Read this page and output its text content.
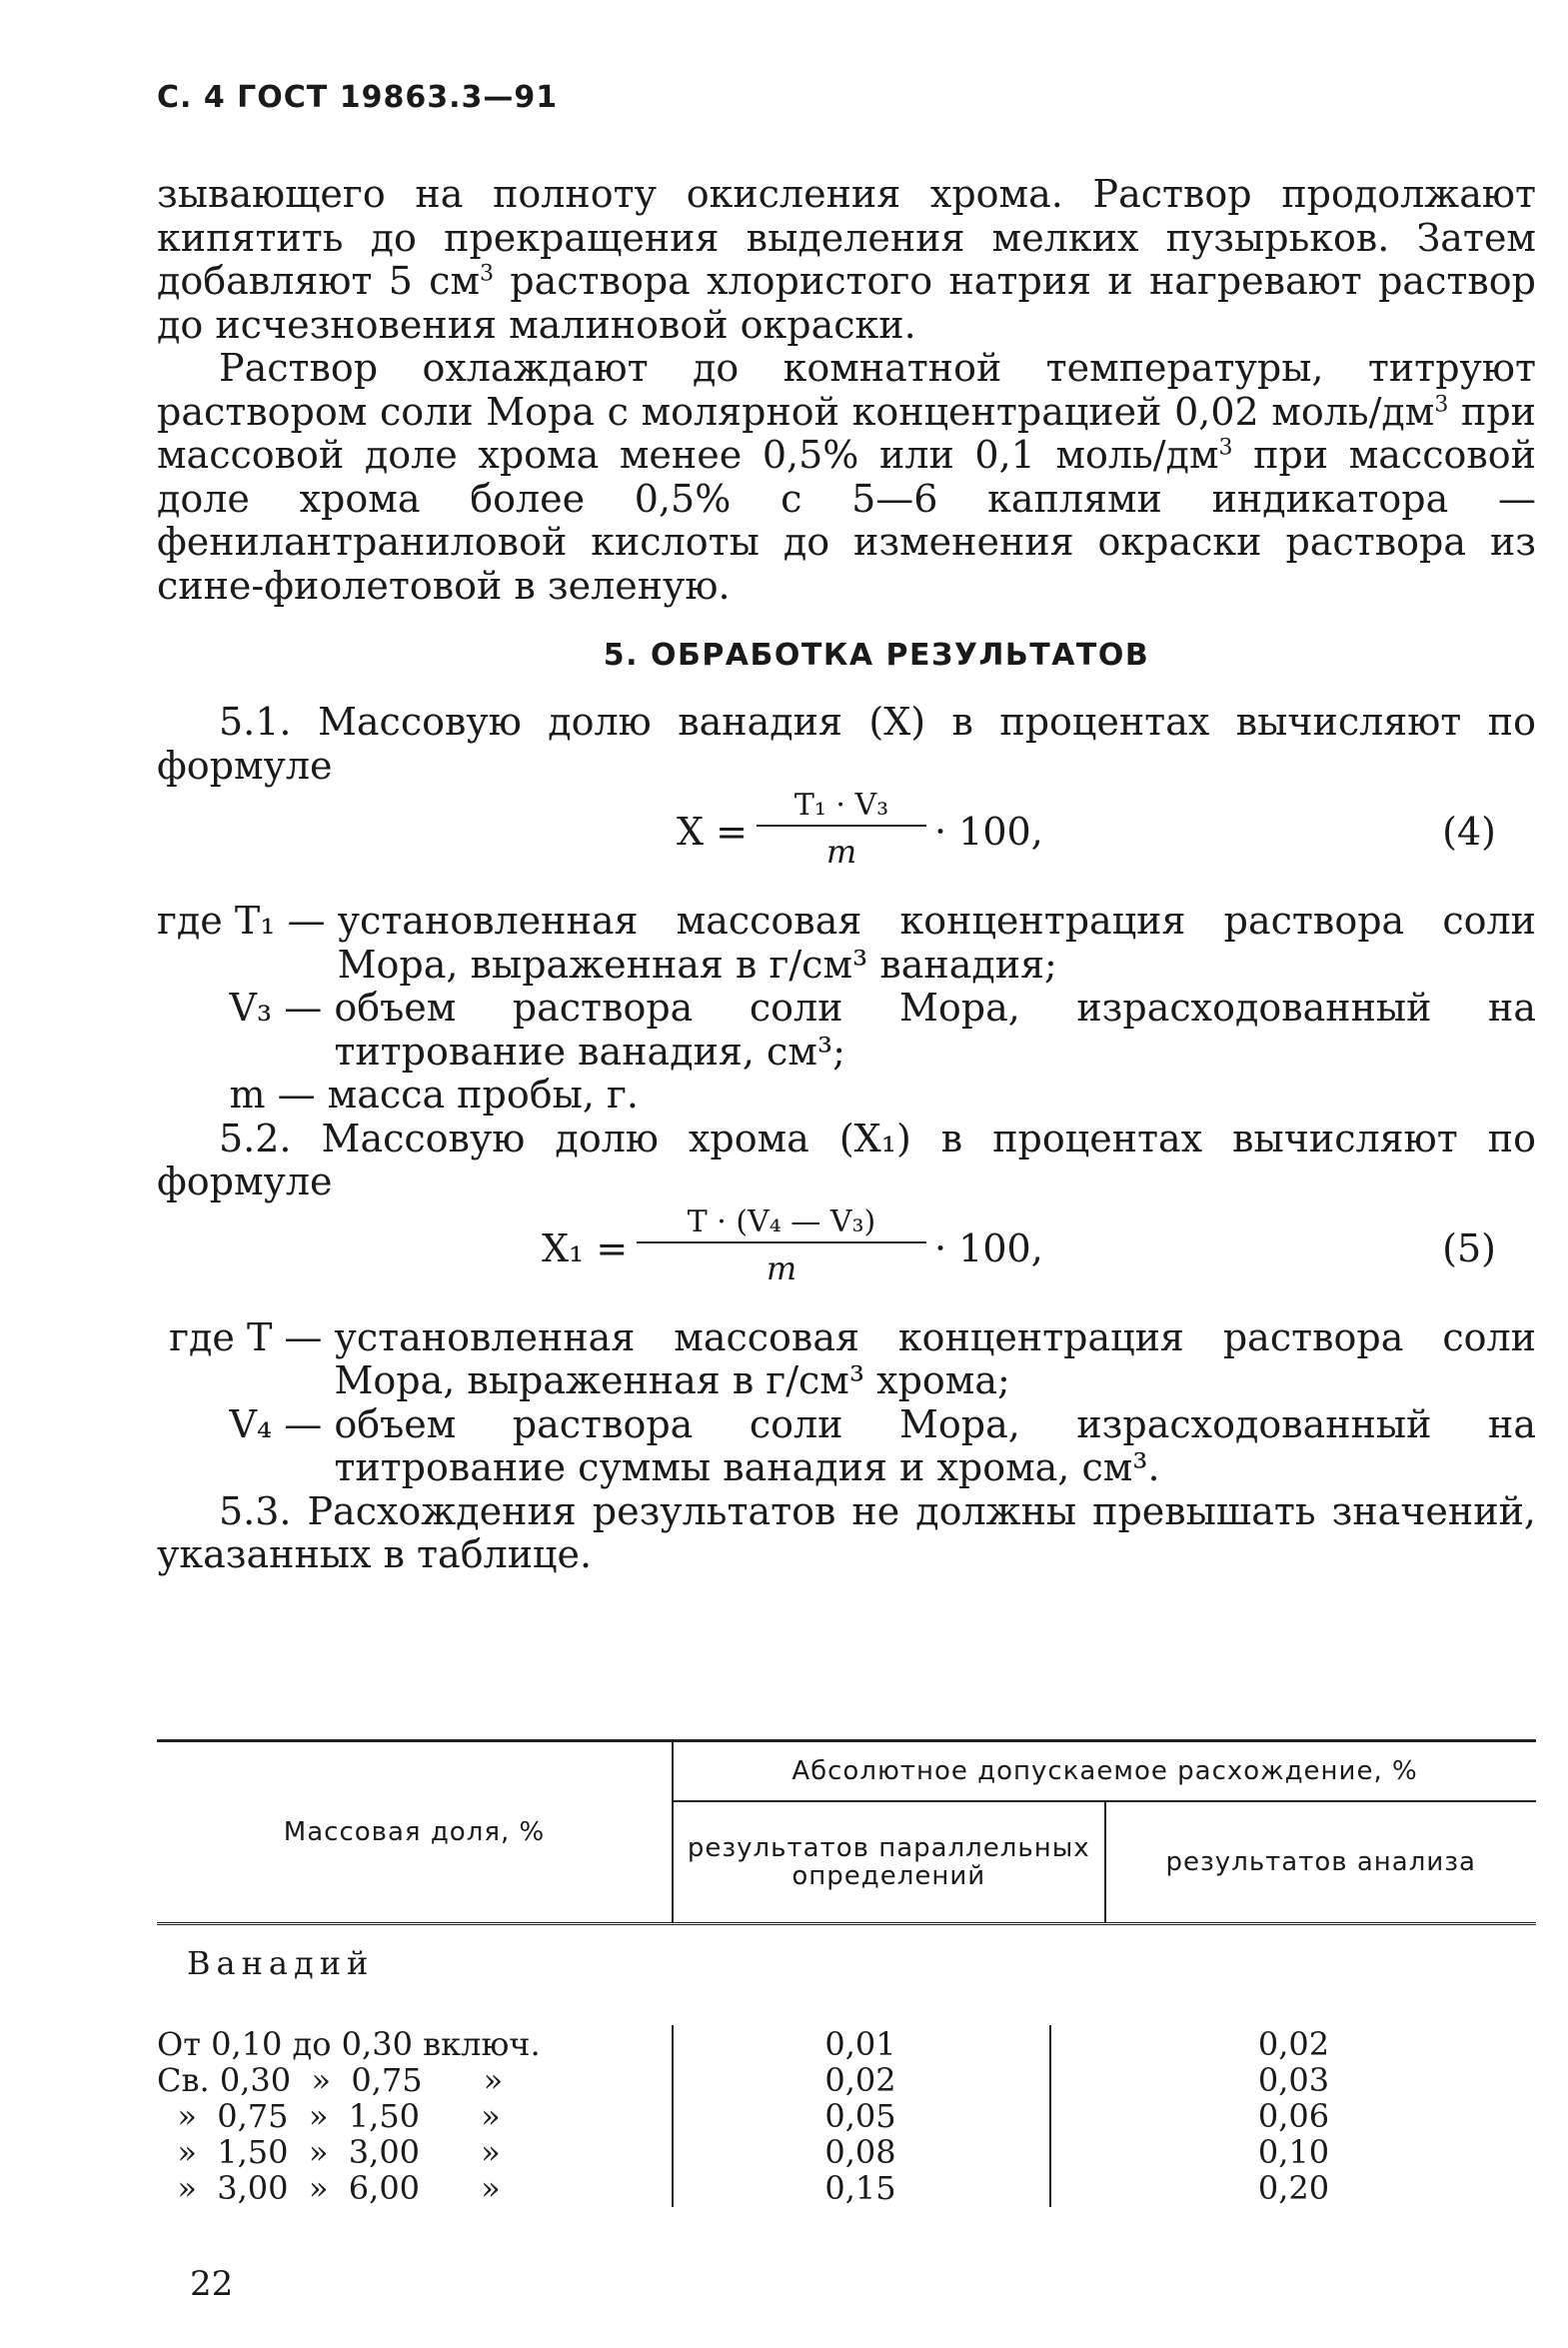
С. 4 ГОСТ 19863.3—91

зывающего на полноту окисления хрома. Раствор продолжают кипятить до прекращения выделения мелких пузырьков. Затем добавляют 5 $см^3$ раствора хлористого натрия и нагревают раствор до исчезновения малиновой окраски.

Раствор охлаждают до комнатной температуры, титруют раствором соли Мора с молярной концентрацией 0,02 моль/$дм^3$ при массовой доле хрома менее 0,5% или 0,1 моль/$дм^3$ при массовой доле хрома более 0,5% с 5—6 каплями индикатора — фенилантраниловой кислоты до изменения окраски раствора из сине-фиолетовой в зеленую.

5. ОБРАБОТКА РЕЗУЛЬТАТОВ

5.1. Массовую долю ванадия (X) в процентах вычисляют по формуле

X =
T₁ · V₃
m	· 100,	(4)
где T₁ — установленная массовая концентрация раствора соли Мора, выраженная в г/см³ ванадия;
V₃ — объем раствора соли Мора, израсходованный на титрование ванадия, см³;
m — масса пробы, г.

5.2. Массовую долю хрома (X₁) в процентах вычисляют по формуле

X₁ =
T · (V₄ — V₃)
m	· 100,	(5)
где T — установленная массовая концентрация раствора соли Мора, выраженная в г/см³ хрома;
V₄ — объем раствора соли Мора, израсходованный на титрование суммы ванадия и хрома, см³.

5.3. Расхождения результатов не должны превышать значений, указанных в таблице.

Массовая доля, %
Абсолютное допускаемое расхождение, %
результатов параллельных определений	результатов анализа
Ванадий
От 0,10 до 0,30 включ.	0,01	0,02
Св. 0,30  »  0,75      »	0,02	0,03
»  0,75  »  1,50      »	0,05	0,06
»  1,50  »  3,00      »	0,08	0,10
»  3,00  »  6,00      »	0,15	0,20
22
